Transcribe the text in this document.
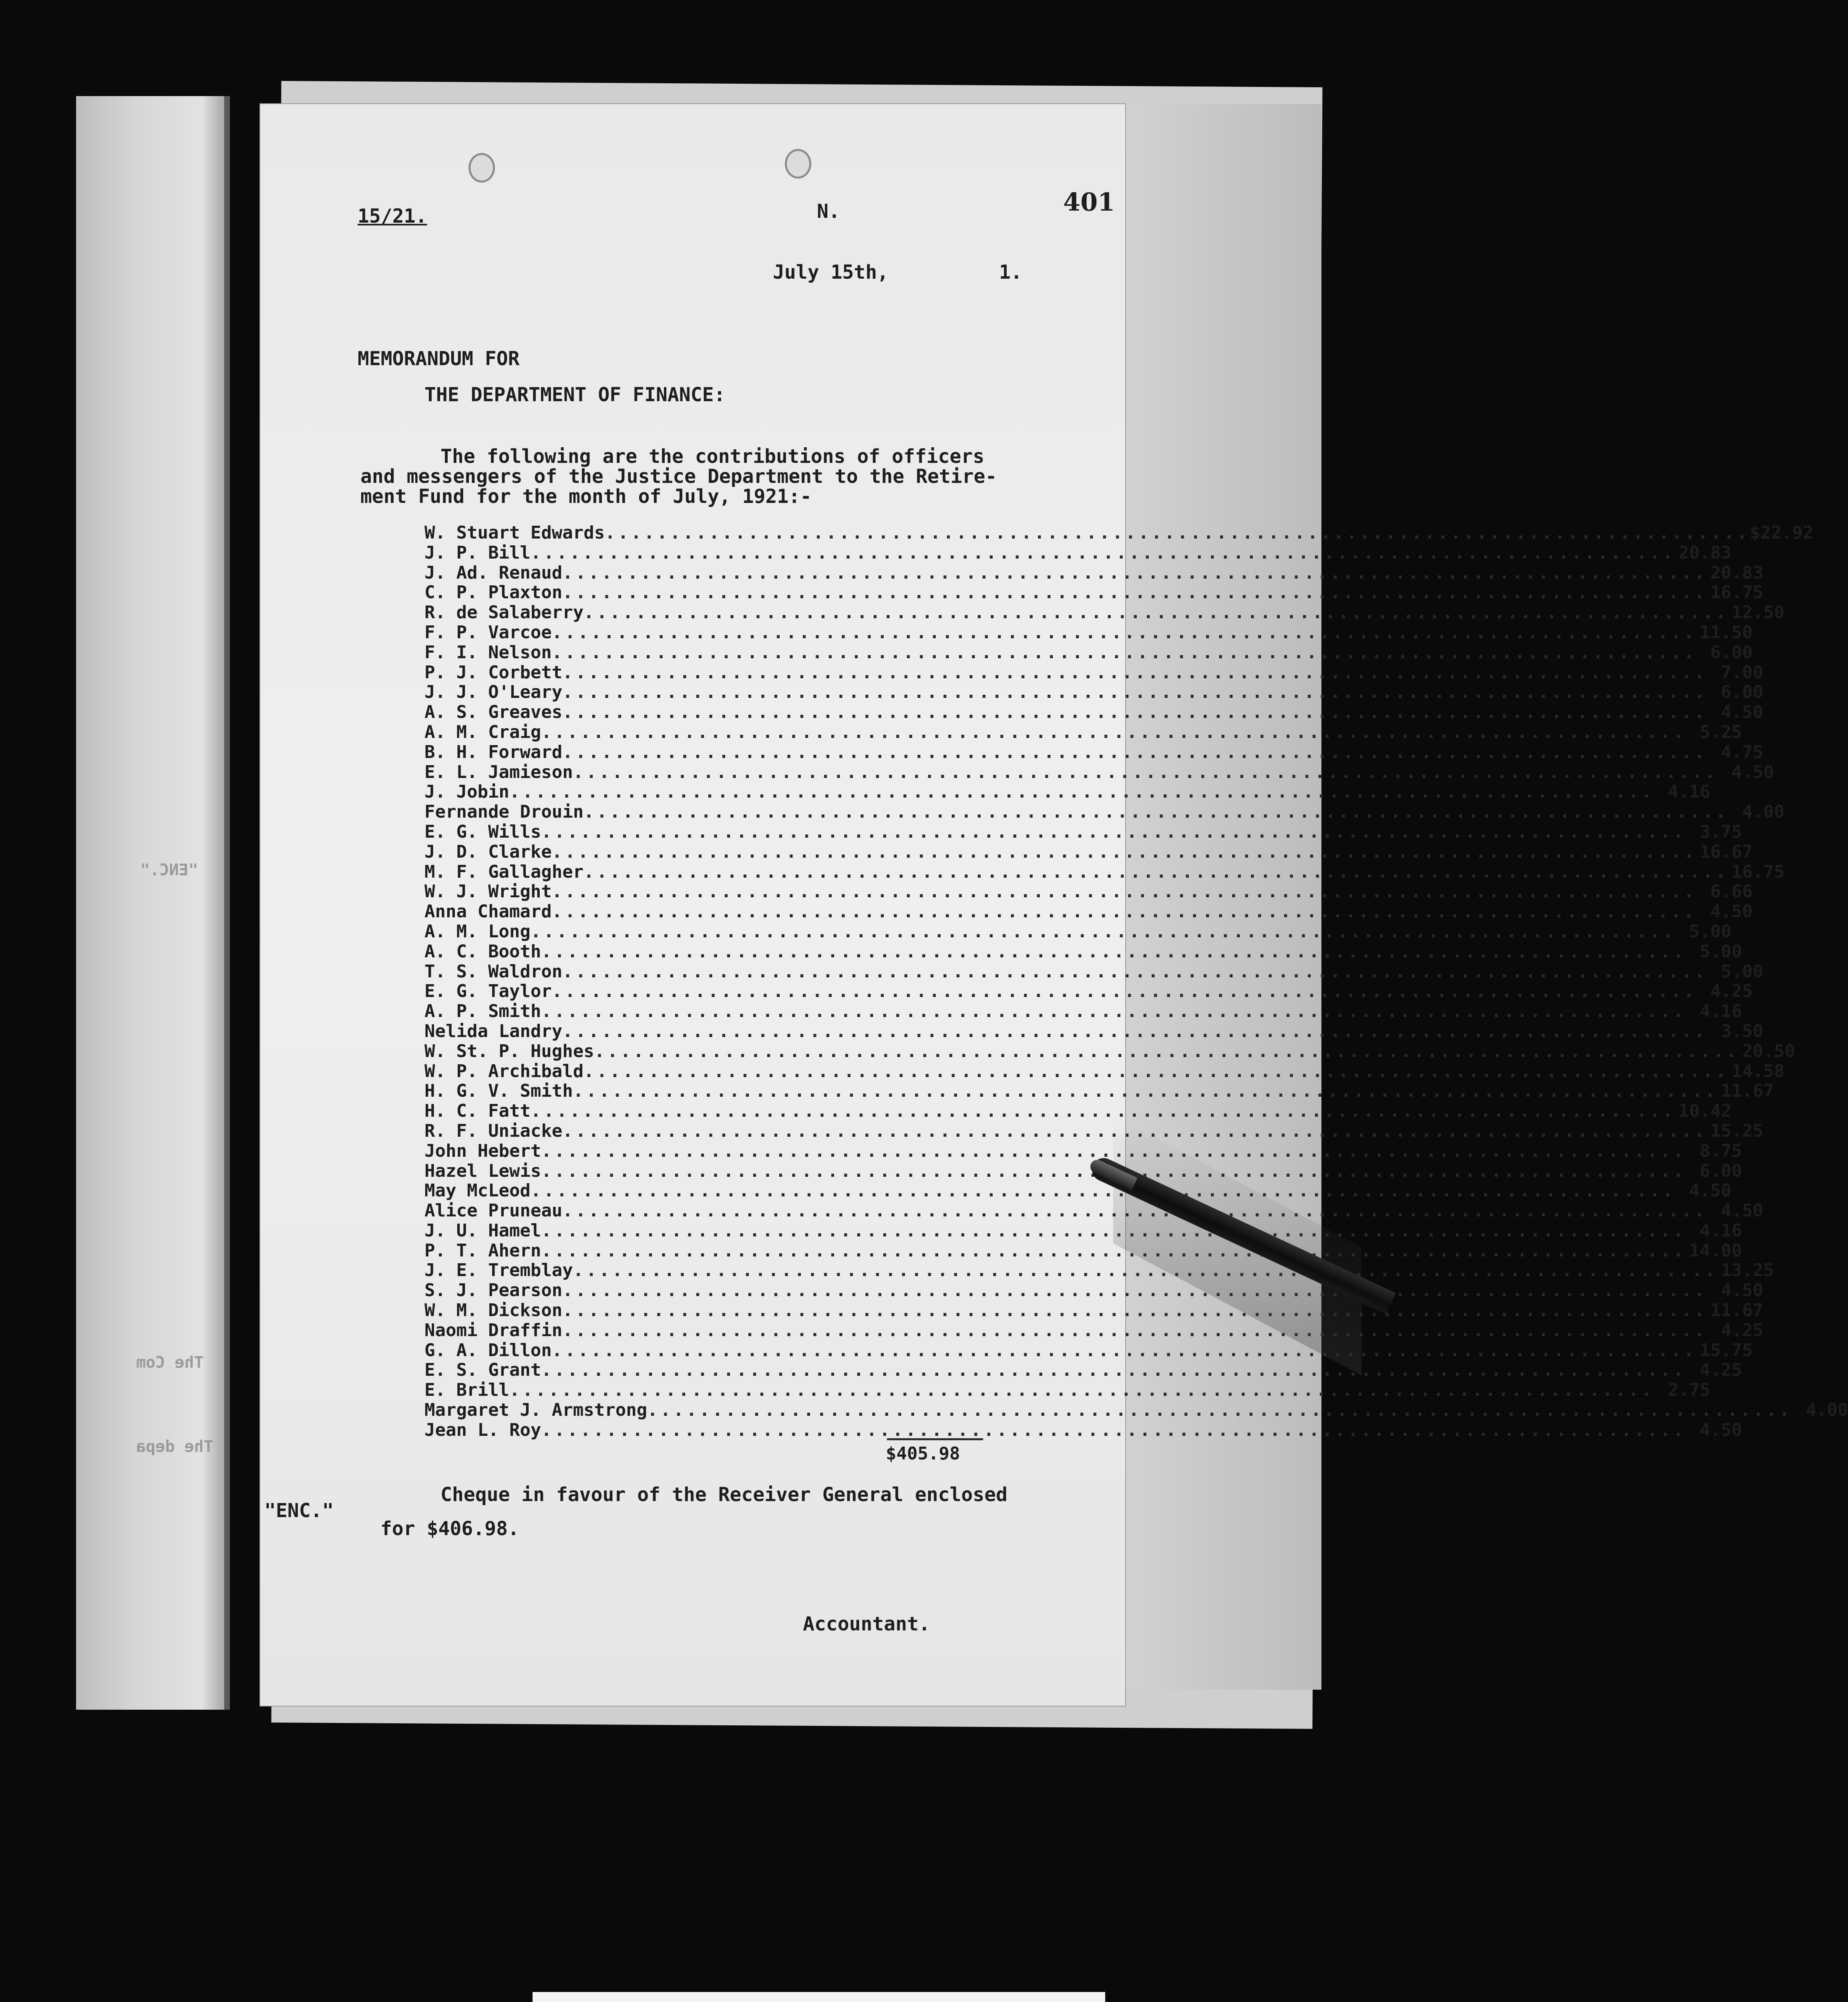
"ENC."
The Com
The depa
15/21.	N.	401
July 15th,	1.
MEMORANDUM FOR
THE DEPARTMENT OF FINANCE:
The following are the contributions of officers
and messengers of the Justice Department to the Retire-
ment Fund for the month of July, 1921:-
W. Stuart Edwards .....	$22.92
J. P. Bill .....	20.83
J. Ad. Renaud .....	20.83
C. P. Plaxton .....	16.75
R. de Salaberry .....	12.50
F. P. Varcoe .....	11.50
F. I. Nelson .....	6.00
P. J. Corbett .....	7.00
J. J. O'Leary .....	6.00
A. S. Greaves .....	4.50
A. M. Craig .....	5.25
B. H. Forward .....	4.75
E. L. Jamieson .....	4.50
J. Jobin .....	4.16
Fernande Drouin .....	4.00
E. G. Wills .....	3.75
J. D. Clarke .....	16.67
M. F. Gallagher .....	16.75
W. J. Wright .....	6.66
Anna Chamard .....	4.50
A. M. Long .....	5.00
A. C. Booth .....	5.00
T. S. Waldron .....	5.00
E. G. Taylor .....	4.25
A. P. Smith .....	4.16
Nelida Landry .....	3.50
W. St. P. Hughes .....	20.50
W. P. Archibald .....	14.58
H. G. V. Smith .....	11.67
H. C. Fatt .....	10.42
R. F. Uniacke .....	15.25
John Hebert .....	8.75
Hazel Lewis .....	6.00
May McLeod .....	4.50
Alice Pruneau .....	4.50
J. U. Hamel .....	4.16
P. T. Ahern .....	14.00
J. E. Tremblay .....	13.25
S. J. Pearson .....	4.50
W. M. Dickson .....	11.67
Naomi Draffin .....	4.25
G. A. Dillon .....	15.75
E. S. Grant .....	4.25
E. Brill .....	2.75
Margaret J. Armstrong .....	4.00
Jean L. Roy .....	4.50
$405.98
"ENC."
Cheque in favour of the Receiver General enclosed
for $406.98.
Accountant.
